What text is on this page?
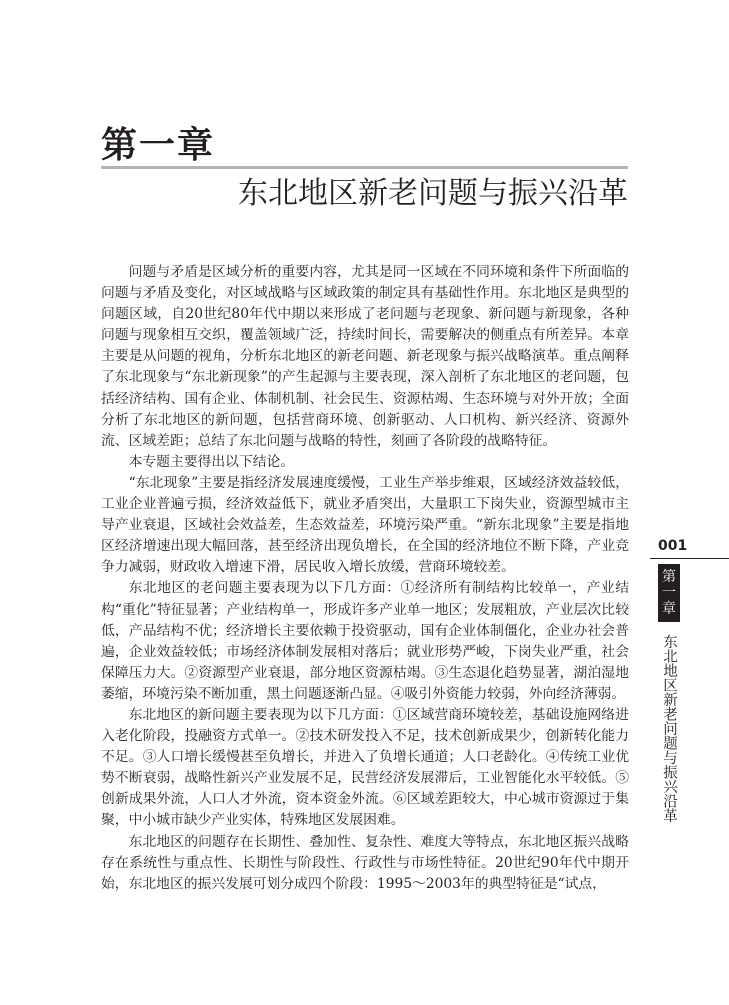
第一章
东北地区新老问题与振兴沿革

问题与矛盾是区域分析的重要内容，尤其是同一区域在不同环境和条件下所面临的问题与矛盾及变化，对区域战略与区域政策的制定具有基础性作用。东北地区是典型的问题区域，自20世纪80年代中期以来形成了老问题与老现象、新问题与新现象，各种问题与现象相互交织，覆盖领域广泛，持续时间长，需要解决的侧重点有所差异。本章主要是从问题的视角，分析东北地区的新老问题、新老现象与振兴战略演革。重点阐释了东北现象与“东北新现象”的产生起源与主要表现，深入剖析了东北地区的老问题，包括经济结构、国有企业、体制机制、社会民生、资源枯竭、生态环境与对外开放；全面分析了东北地区的新问题，包括营商环境、创新驱动、人口机构、新兴经济、资源外流、区域差距；总结了东北问题与战略的特性，刻画了各阶段的战略特征。

本专题主要得出以下结论。

“东北现象”主要是指经济发展速度缓慢，工业生产举步维艰，区域经济效益较低，工业企业普遍亏损，经济效益低下，就业矛盾突出，大量职工下岗失业，资源型城市主导产业衰退，区域社会效益差，生态效益差，环境污染严重。“新东北现象”主要是指地区经济增速出现大幅回落，甚至经济出现负增长，在全国的经济地位不断下降，产业竞争力减弱，财政收入增速下滑，居民收入增长放缓，营商环境较差。

东北地区的老问题主要表现为以下几方面：①经济所有制结构比较单一，产业结构“重化”特征显著；产业结构单一，形成许多产业单一地区；发展粗放，产业层次比较低，产品结构不优；经济增长主要依赖于投资驱动，国有企业体制僵化，企业办社会普遍，企业效益较低；市场经济体制发展相对落后；就业形势严峻，下岗失业严重，社会保障压力大。②资源型产业衰退，部分地区资源枯竭。③生态退化趋势显著，湖泊湿地萎缩，环境污染不断加重，黑土问题逐渐凸显。④吸引外资能力较弱，外向经济薄弱。

东北地区的新问题主要表现为以下几方面：①区域营商环境较差，基础设施网络进入老化阶段，投融资方式单一。②技术研发投入不足，技术创新成果少，创新转化能力不足。③人口增长缓慢甚至负增长，并进入了负增长通道；人口老龄化。④传统工业优势不断衰弱，战略性新兴产业发展不足，民营经济发展滞后，工业智能化水平较低。⑤创新成果外流，人口人才外流，资本资金外流。⑥区域差距较大，中心城市资源过于集聚，中小城市缺少产业实体，特殊地区发展困难。

东北地区的问题存在长期性、叠加性、复杂性、难度大等特点，东北地区振兴战略存在系统性与重点性、长期性与阶段性、行政性与市场性特征。20世纪90年代中期开始，东北地区的振兴发展可划分成四个阶段：1995～2003年的典型特征是“试点，

001
第
一
章
东北地区新老问题与振兴沿革
